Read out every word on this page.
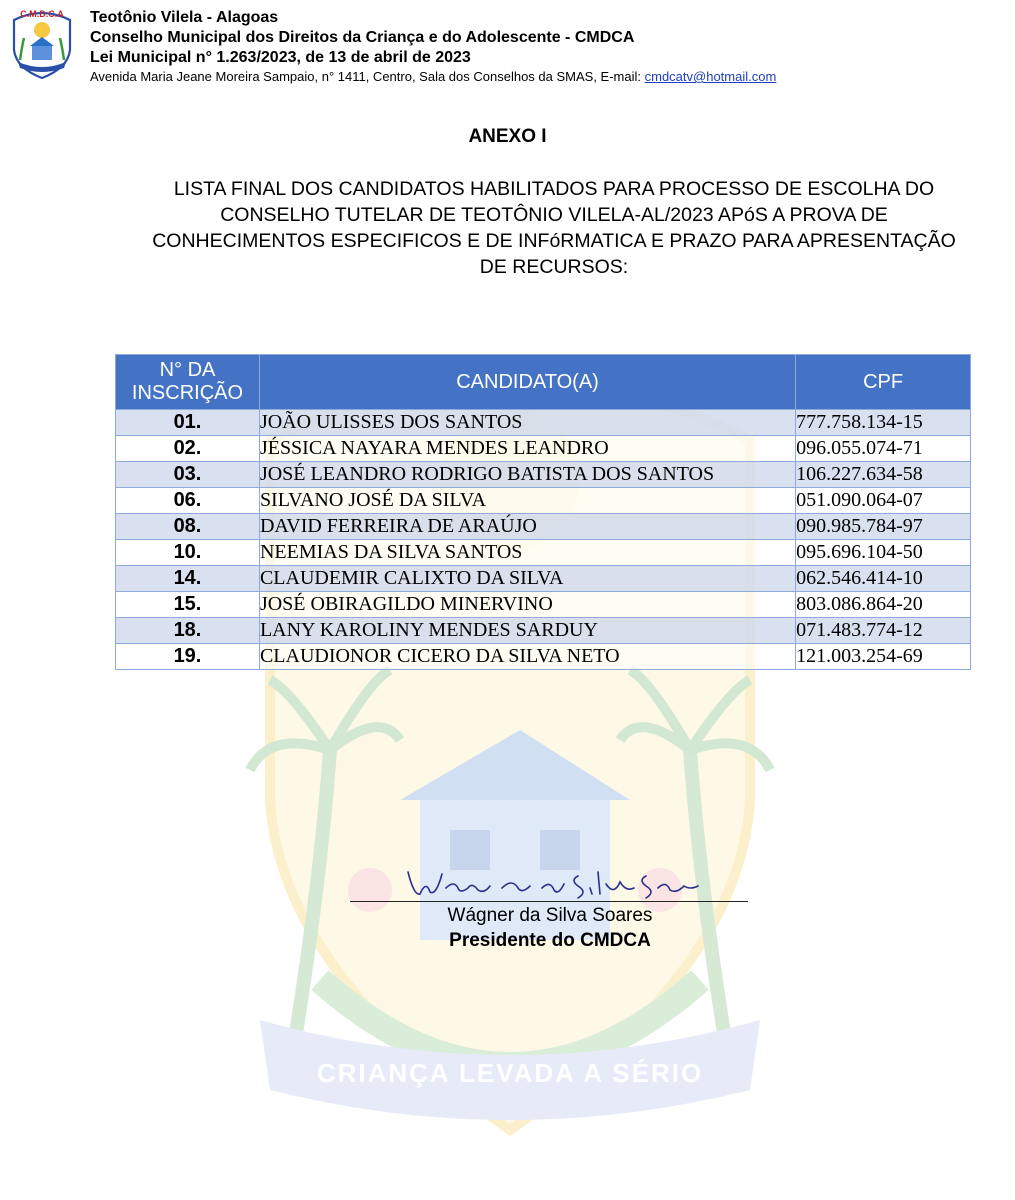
CRIANÇA LEVADA A SÉRIO
C.M.D.C.A Teotônio Vilela - Alagoas
Conselho Municipal dos Direitos da Criança e do Adolescente - CMDCA
Lei Municipal n° 1.263/2023, de 13 de abril de 2023
Avenida Maria Jeane Moreira Sampaio, n° 1411, Centro, Sala dos Conselhos da SMAS, E-mail: cmdcatv@hotmail.com
ANEXO I
LISTA FINAL DOS CANDIDATOS HABILITADOS PARA PROCESSO DE ESCOLHA DO
CONSELHO TUTELAR DE TEOTÔNIO VILELA-AL/2023 APóS A PROVA DE
CONHECIMENTOS ESPECIFICOS E DE INFóRMATICA E PRAZO PARA APRESENTAÇÃO
DE RECURSOS:
N° DA
INSCRIÇÃO	CANDIDATO(A)	CPF
01.	JOÃO ULISSES DOS SANTOS	777.758.134-15
02.	JÉSSICA NAYARA MENDES LEANDRO	096.055.074-71
03.	JOSÉ LEANDRO RODRIGO BATISTA DOS SANTOS	106.227.634-58
06.	SILVANO JOSÉ DA SILVA	051.090.064-07
08.	DAVID FERREIRA DE ARAÚJO	090.985.784-97
10.	NEEMIAS DA SILVA SANTOS	095.696.104-50
14.	CLAUDEMIR CALIXTO DA SILVA	062.546.414-10
15.	JOSÉ OBIRAGILDO MINERVINO	803.086.864-20
18.	LANY KAROLINY MENDES SARDUY	071.483.774-12
19.	CLAUDIONOR CICERO DA SILVA NETO	121.003.254-69
Wágner da Silva Soares
Presidente do CMDCA
